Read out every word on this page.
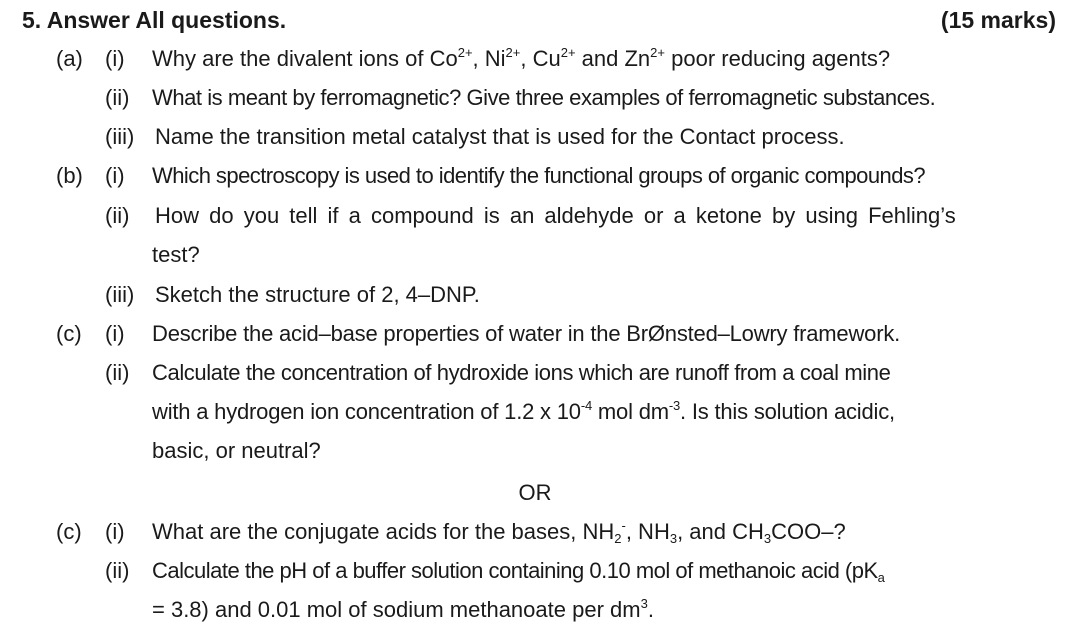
5. Answer All questions.	(15 marks)
(a) (i) Why are the divalent ions of $Co^{2+}$, $Ni^{2+}$, $Cu^{2+}$ and $Zn^{2+}$ poor reducing agents?
(ii) What is meant by ferromagnetic? Give three examples of ferromagnetic substances.
(iii) Name the transition metal catalyst that is used for the Contact process.
(b) (i) Which spectroscopy is used to identify the functional groups of organic compounds?
(ii) How do you tell if a compound is an aldehyde or a ketone by using Fehling’s
test?
(iii) Sketch the structure of 2, 4–DNP.
(c) (i) Describe the acid–base properties of water in the BrØnsted–Lowry framework.
(ii) Calculate the concentration of hydroxide ions which are runoff from a coal mine
with a hydrogen ion concentration of 1.2 x $10^{-4}$ mol $dm^{-3}$. Is this solution acidic,
basic, or neutral?
OR
(c) (i) What are the conjugate acids for the bases, $NH_2^-$, $NH_3$, and $CH_3COO-$?
(ii) Calculate the pH of a buffer solution containing 0.10 mol of methanoic acid ($pK_a$
= 3.8) and 0.01 mol of sodium methanoate per $dm^3$.
